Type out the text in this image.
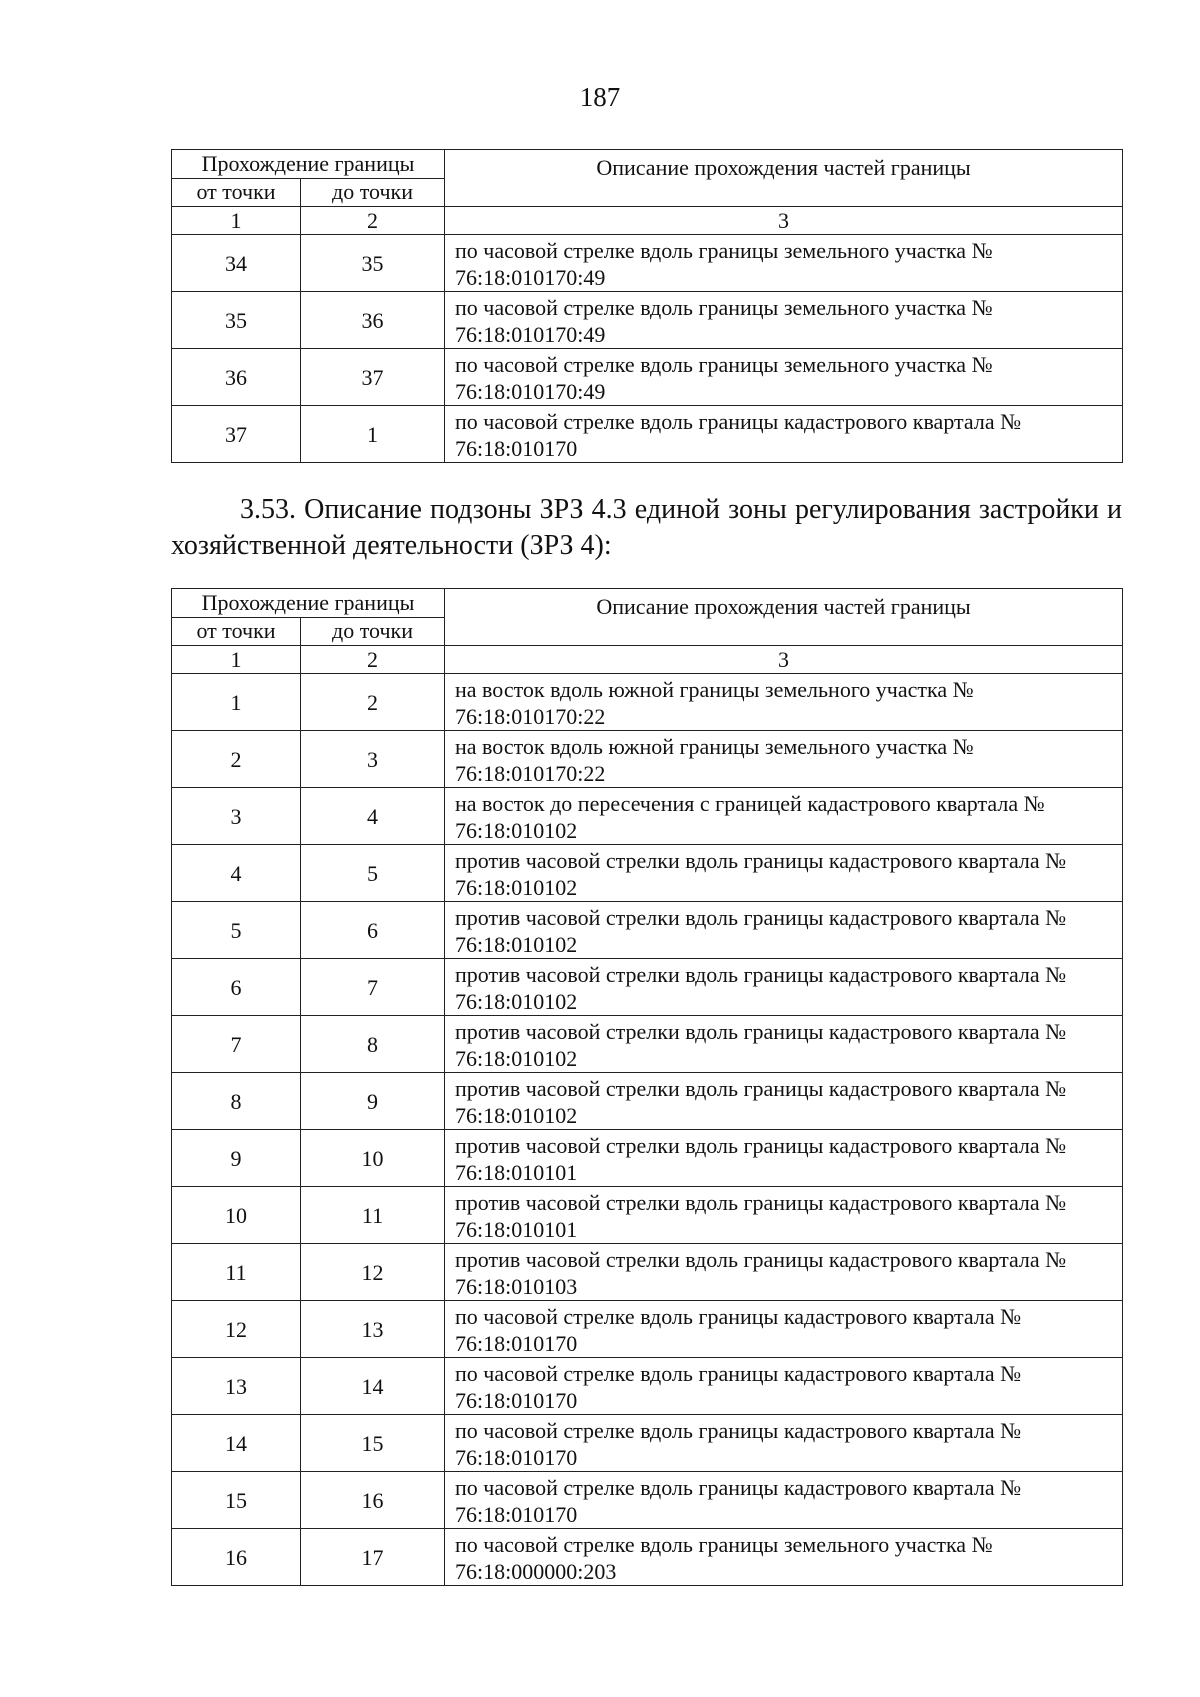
187
Прохождение границы		Описание прохождения частей границы
от точки	до точки	
1	2	3
34	35	по часовой стрелке вдоль границы земельного участка № 76:18:010170:49
35	36	по часовой стрелке вдоль границы земельного участка № 76:18:010170:49
36	37	по часовой стрелке вдоль границы земельного участка № 76:18:010170:49
37	1	по часовой стрелке вдоль границы кадастрового квартала № 76:18:010170
3.53. Описание подзоны ЗРЗ 4.3 единой зоны регулирования застройки и хозяйственной деятельности (ЗРЗ 4):
Прохождение границы		Описание прохождения частей границы
от точки	до точки	
1	2	3
1	2	на восток вдоль южной границы земельного участка № 76:18:010170:22
2	3	на восток вдоль южной границы земельного участка № 76:18:010170:22
3	4	на восток до пересечения с границей кадастрового квартала № 76:18:010102
4	5	против часовой стрелки вдоль границы кадастрового квартала № 76:18:010102
5	6	против часовой стрелки вдоль границы кадастрового квартала № 76:18:010102
6	7	против часовой стрелки вдоль границы кадастрового квартала № 76:18:010102
7	8	против часовой стрелки вдоль границы кадастрового квартала № 76:18:010102
8	9	против часовой стрелки вдоль границы кадастрового квартала № 76:18:010102
9	10	против часовой стрелки вдоль границы кадастрового квартала № 76:18:010101
10	11	против часовой стрелки вдоль границы кадастрового квартала № 76:18:010101
11	12	против часовой стрелки вдоль границы кадастрового квартала № 76:18:010103
12	13	по часовой стрелке вдоль границы кадастрового квартала № 76:18:010170
13	14	по часовой стрелке вдоль границы кадастрового квартала № 76:18:010170
14	15	по часовой стрелке вдоль границы кадастрового квартала № 76:18:010170
15	16	по часовой стрелке вдоль границы кадастрового квартала № 76:18:010170
16	17	по часовой стрелке вдоль границы земельного участка № 76:18:000000:203
